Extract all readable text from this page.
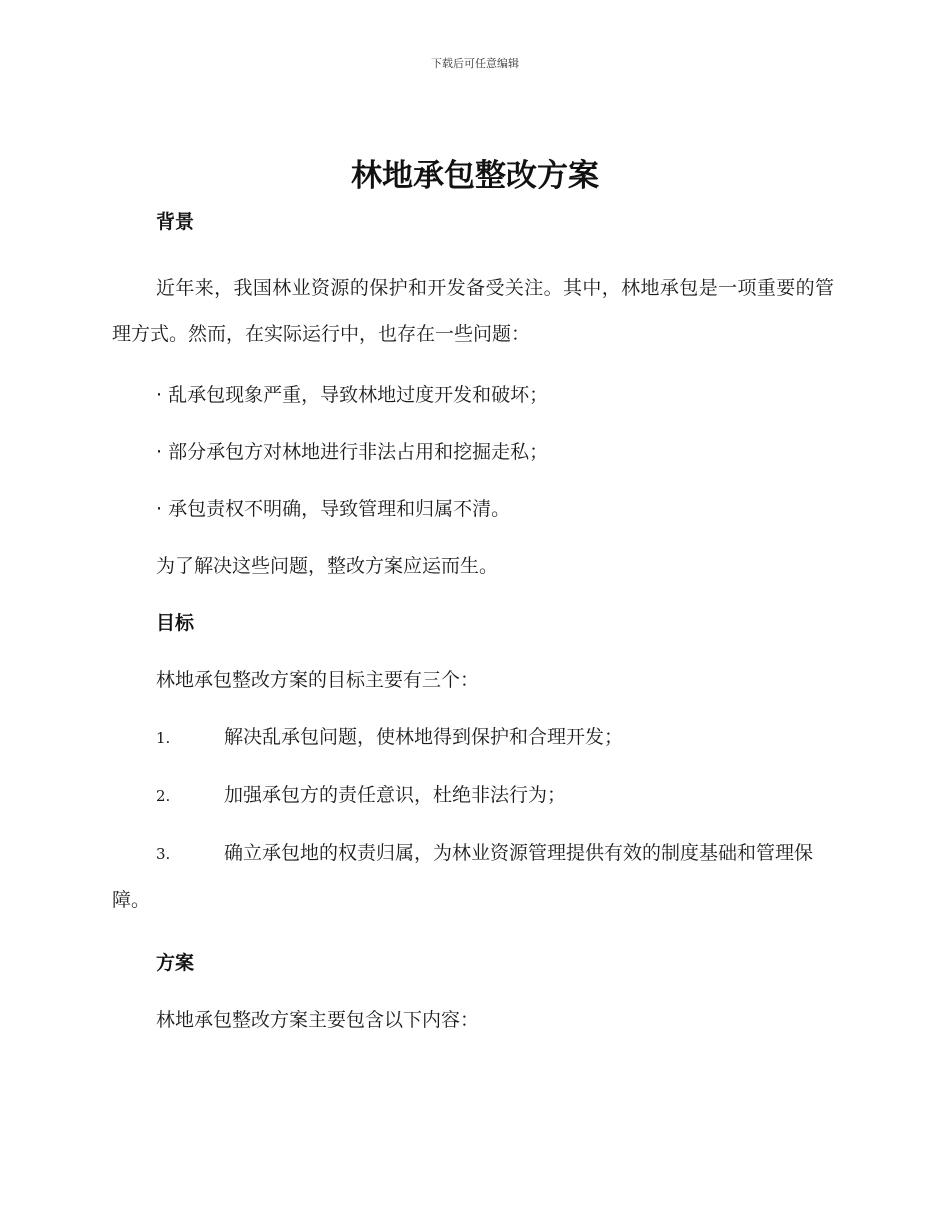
下载后可任意编辑
林地承包整改方案
背景

近年来，我国林业资源的保护和开发备受关注。其中，林地承包是一项重要的管理方式。然而，在实际运行中，也存在一些问题：

· 乱承包现象严重，导致林地过度开发和破坏；

· 部分承包方对林地进行非法占用和挖掘走私；

· 承包责权不明确，导致管理和归属不清。

为了解决这些问题，整改方案应运而生。

目标

林地承包整改方案的目标主要有三个：

1.	解决乱承包问题，使林地得到保护和合理开发；

2.	加强承包方的责任意识，杜绝非法行为；

3.	确立承包地的权责归属，为林业资源管理提供有效的制度基础和管理保障。

方案

林地承包整改方案主要包含以下内容：
